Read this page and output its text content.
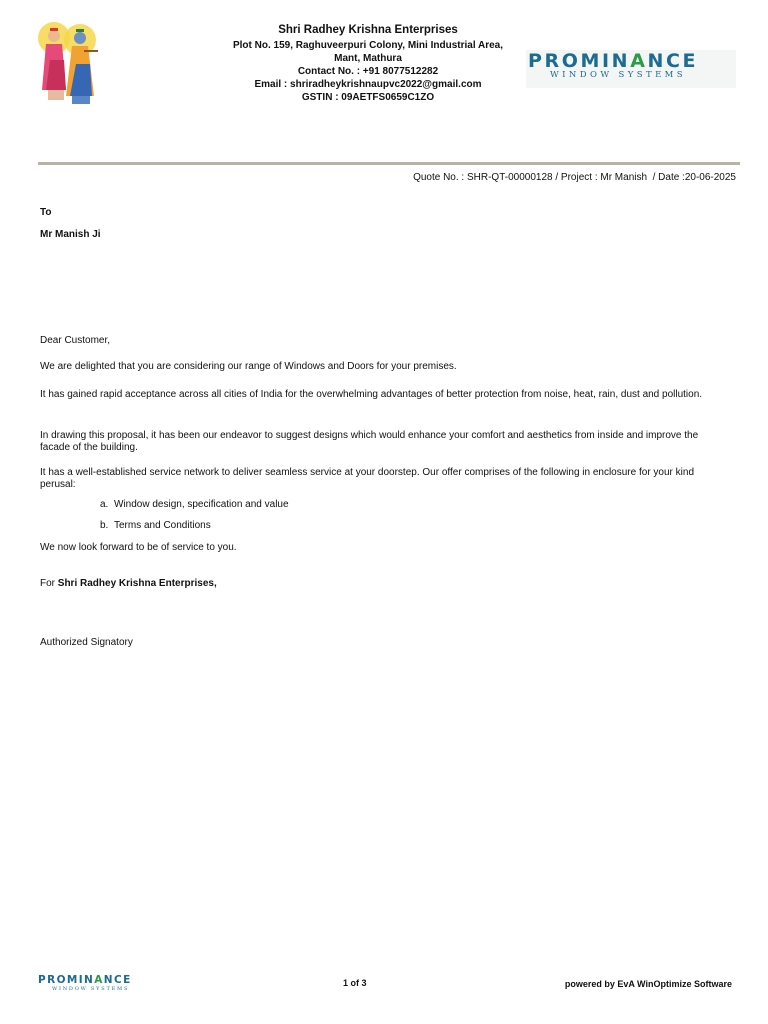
Shri Radhey Krishna Enterprises
Plot No. 159, Raghuveerpuri Colony, Mini Industrial Area,
Mant, Mathura
Contact No. : +91 8077512282
Email : shriradheykrishnaupvc2022@gmail.com
GSTIN : 09AETFS0659C1ZO
PROMINANCE
WINDOW SYSTEMS
Quote No. : SHR-QT-00000128 / Project : Mr Manish  / Date :20-06-2025
To
Mr Manish Ji
Dear Customer,
We are delighted that you are considering our range of Windows and Doors for your premises.
It has gained rapid acceptance across all cities of India for the overwhelming advantages of better protection from noise, heat, rain, dust and pollution.
In drawing this proposal, it has been our endeavor to suggest designs which would enhance your comfort and aesthetics from inside and improve the
facade of the building.
It has a well-established service network to deliver seamless service at your doorstep. Our offer comprises of the following in enclosure for your kind
perusal:
a. Window design, specification and value
b. Terms and Conditions
We now look forward to be of service to you.
For Shri Radhey Krishna Enterprises,
Authorized Signatory
PROMINANCE
WINDOW SYSTEMS
1 of 3	powered by EvA WinOptimize Software
